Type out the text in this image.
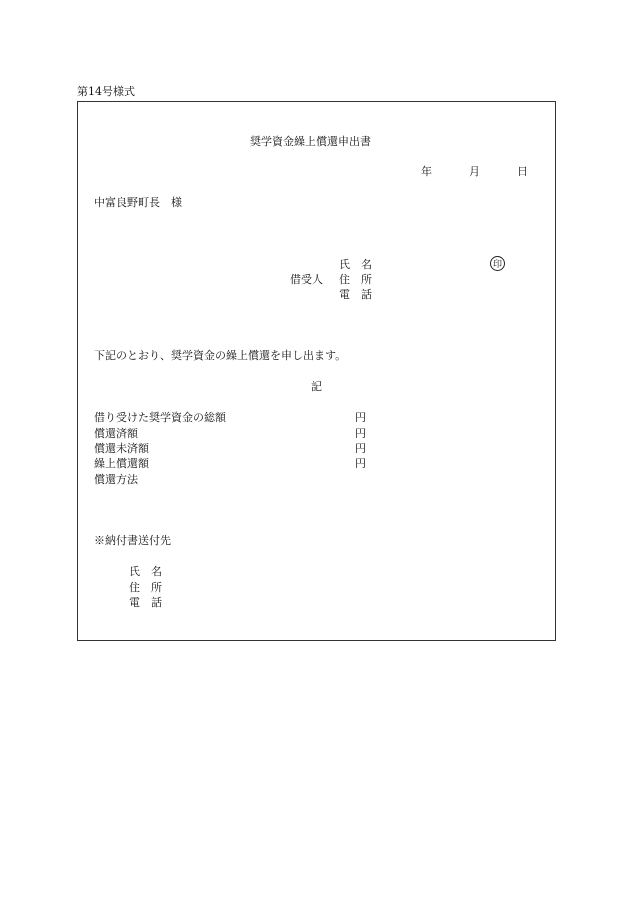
第14号様式
奨学資金繰上償還申出書
年	月	日
中富良野町長　様
氏　名	印
借受人 住　所
電　話
下記のとおり、奨学資金の繰上償還を申し出ます。
記
借り受けた奨学資金の総額	円
償還済額	円
償還未済額	円
繰上償還額	円
償還方法
※納付書送付先
氏　名
住　所
電　話
